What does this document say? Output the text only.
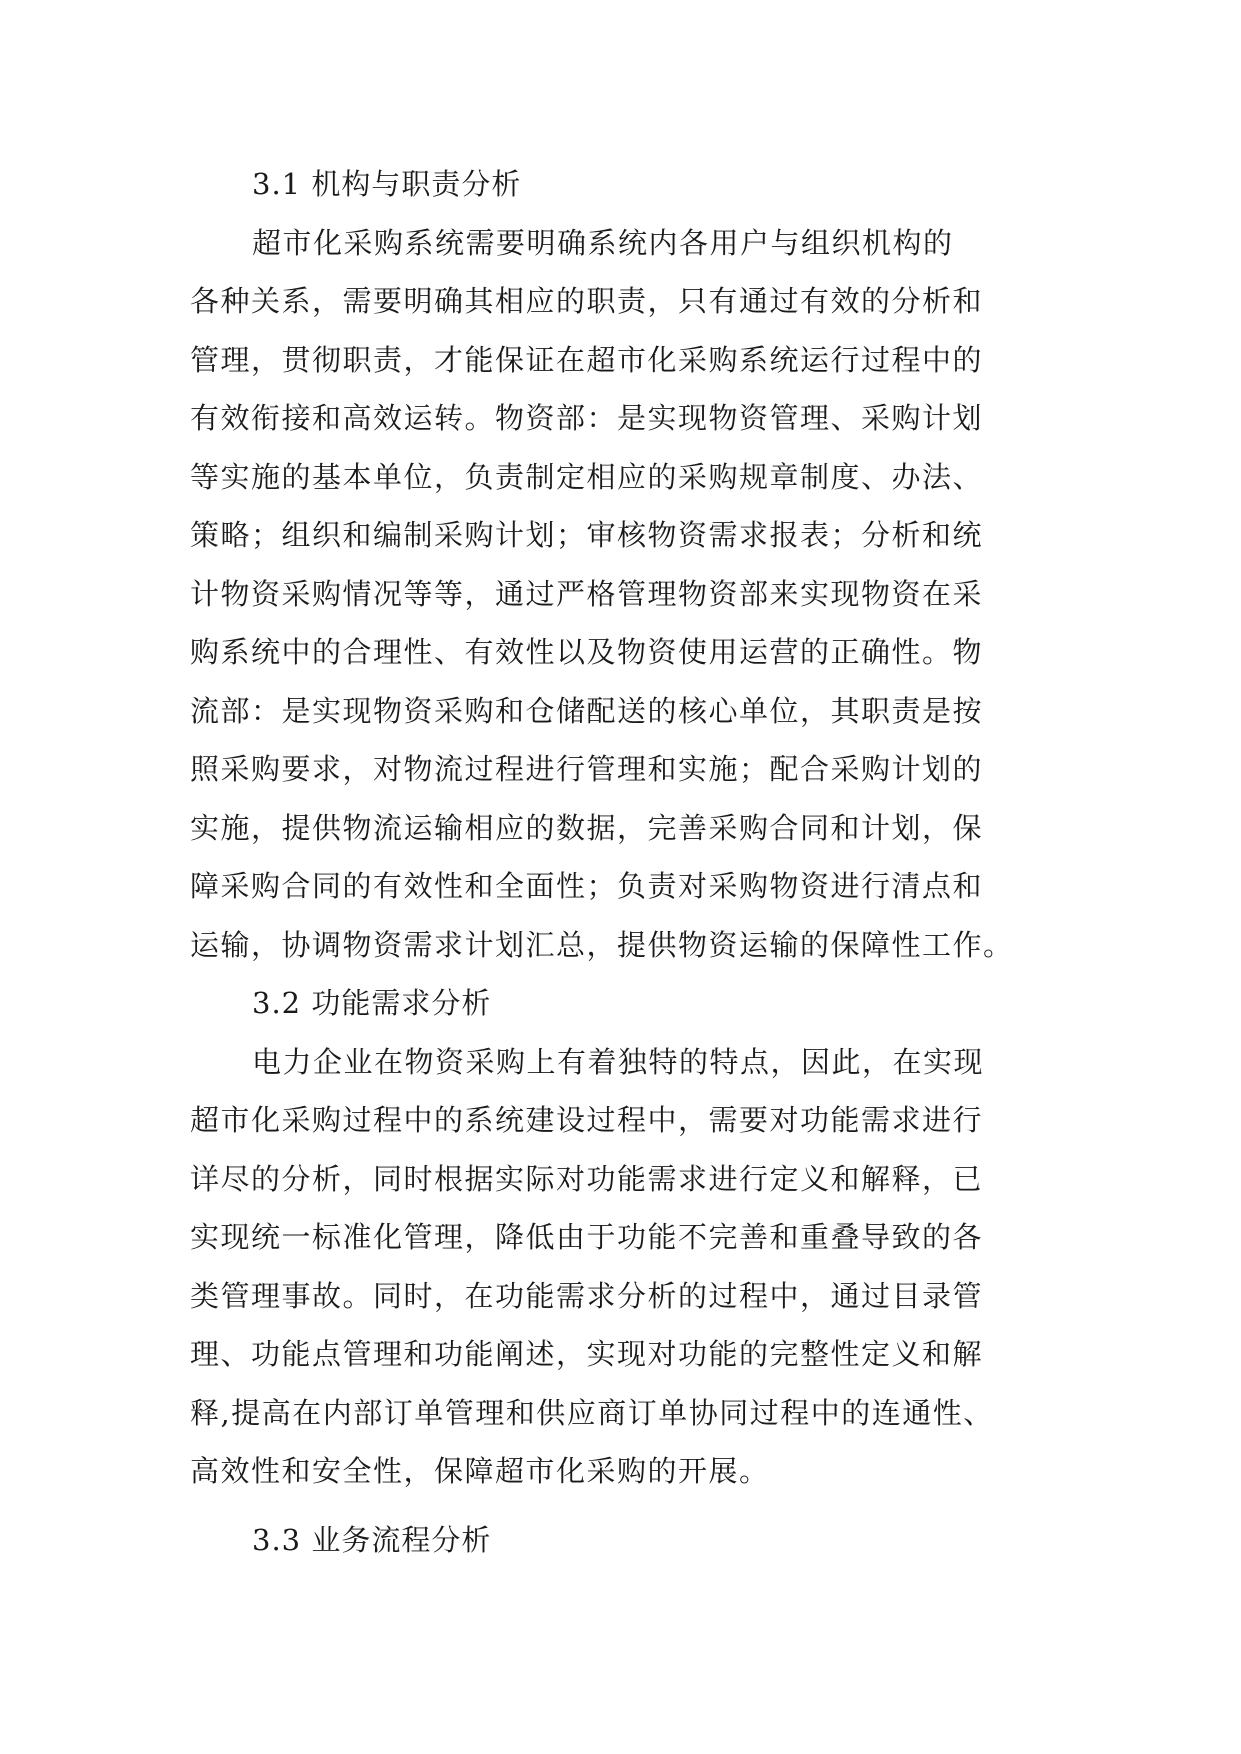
3.1 机构与职责分析
超市化采购系统需要明确系统内各用户与组织机构的
各种关系，需要明确其相应的职责，只有通过有效的分析和
管理，贯彻职责，才能保证在超市化采购系统运行过程中的
有效衔接和高效运转。物资部：是实现物资管理、采购计划
等实施的基本单位，负责制定相应的采购规章制度、办法、
策略；组织和编制采购计划；审核物资需求报表；分析和统
计物资采购情况等等，通过严格管理物资部来实现物资在采
购系统中的合理性、有效性以及物资使用运营的正确性。物
流部：是实现物资采购和仓储配送的核心单位，其职责是按
照采购要求，对物流过程进行管理和实施；配合采购计划的
实施，提供物流运输相应的数据，完善采购合同和计划，保
障采购合同的有效性和全面性；负责对采购物资进行清点和
运输，协调物资需求计划汇总，提供物资运输的保障性工作。
3.2 功能需求分析
电力企业在物资采购上有着独特的特点，因此，在实现
超市化采购过程中的系统建设过程中，需要对功能需求进行
详尽的分析，同时根据实际对功能需求进行定义和解释，已
实现统一标准化管理，降低由于功能不完善和重叠导致的各
类管理事故。同时，在功能需求分析的过程中，通过目录管
理、功能点管理和功能阐述，实现对功能的完整性定义和解
释,提高在内部订单管理和供应商订单协同过程中的连通性、
高效性和安全性，保障超市化采购的开展。
3.3 业务流程分析
